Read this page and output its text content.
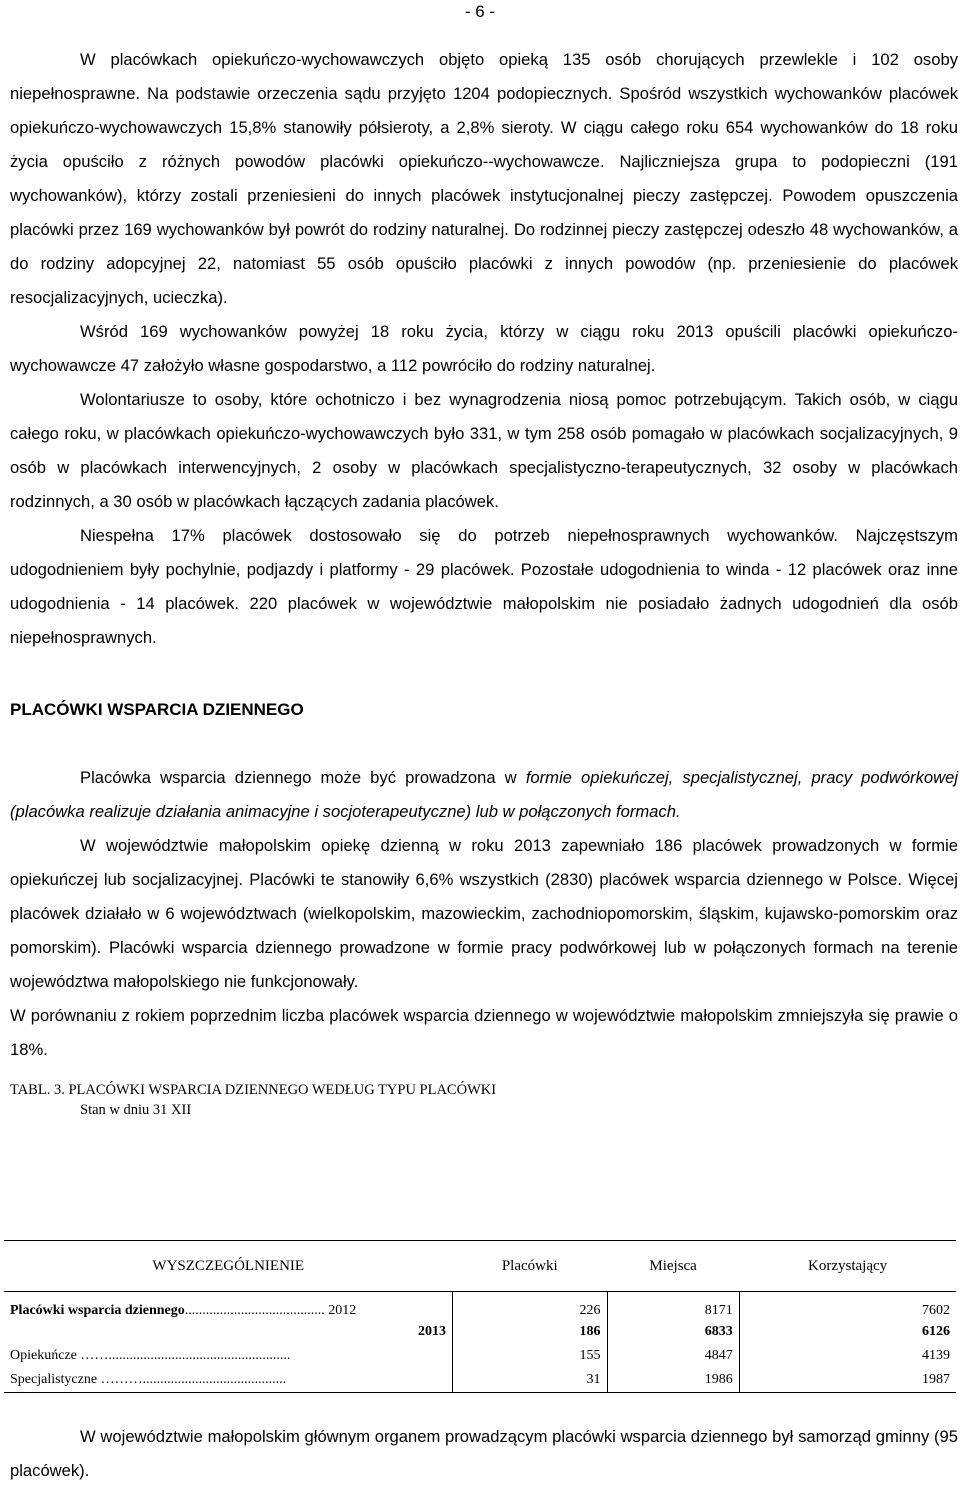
- 6 -

W placówkach opiekuńczo-wychowawczych objęto opieką 135 osób chorujących przewlekle i 102 osoby niepełnosprawne. Na podstawie orzeczenia sądu przyjęto 1204 podopiecznych. Spośród wszystkich wychowanków placówek opiekuńczo-wychowawczych 15,8% stanowiły półsieroty, a 2,8% sieroty. W ciągu całego roku 654 wychowanków do 18 roku życia opuściło z różnych powodów placówki opiekuńczo--wychowawcze. Najliczniejsza grupa to podopieczni (191 wychowanków), którzy zostali przeniesieni do innych placówek instytucjonalnej pieczy zastępczej. Powodem opuszczenia placówki przez 169 wychowanków był powrót do rodziny naturalnej. Do rodzinnej pieczy zastępczej odeszło 48 wychowanków, a do rodziny adopcyjnej 22, natomiast 55 osób opuściło placówki z innych powodów (np. przeniesienie do placówek resocjalizacyjnych, ucieczka).

Wśród 169 wychowanków powyżej 18 roku życia, którzy w ciągu roku 2013 opuścili placówki opiekuńczo-wychowawcze 47 założyło własne gospodarstwo, a 112 powróciło do rodziny naturalnej.

Wolontariusze to osoby, które ochotniczo i bez wynagrodzenia niosą pomoc potrzebującym. Takich osób, w ciągu całego roku, w placówkach opiekuńczo-wychowawczych było 331, w tym 258 osób pomagało w placówkach socjalizacyjnych, 9 osób w placówkach interwencyjnych, 2 osoby w placówkach specjalistyczno-terapeutycznych, 32 osoby w placówkach rodzinnych, a 30 osób w placówkach łączących zadania placówek.

Niespełna 17% placówek dostosowało się do potrzeb niepełnosprawnych wychowanków. Najczęstszym udogodnieniem były pochylnie, podjazdy i platformy - 29 placówek. Pozostałe udogodnienia to winda - 12 placówek oraz inne udogodnienia - 14 placówek. 220 placówek w województwie małopolskim nie posiadało żadnych udogodnień dla osób niepełnosprawnych.

PLACÓWKI WSPARCIA DZIENNEGO

Placówka wsparcia dziennego może być prowadzona w formie opiekuńczej, specjalistycznej, pracy podwórkowej (placówka realizuje działania animacyjne i socjoterapeutyczne) lub w połączonych formach.

W województwie małopolskim opiekę dzienną w roku 2013 zapewniało 186 placówek prowadzonych w formie opiekuńczej lub socjalizacyjnej. Placówki te stanowiły 6,6% wszystkich (2830) placówek wsparcia dziennego w Polsce. Więcej placówek działało w 6 województwach (wielkopolskim, mazowieckim, zachodniopomorskim, śląskim, kujawsko-pomorskim oraz pomorskim). Placówki wsparcia dziennego prowadzone w formie pracy podwórkowej lub w połączonych formach na terenie województwa małopolskiego nie funkcjonowały.

W porównaniu z rokiem poprzednim liczba placówek wsparcia dziennego w województwie małopolskim zmniejszyła się prawie o 18%.

TABL. 3. PLACÓWKI WSPARCIA DZIENNEGO WEDŁUG TYPU PLACÓWKI
Stan w dniu 31 XII
WYSZCZEGÓLNIENIE	Placówki	Miejsca	Korzystający
Placówki wsparcia dziennego........................................ 2012	226	8171	7602
2013	186	6833	6126
Opiekuńcze ……....................................................	155	4847	4139
Specjalistyczne ……….........................................	31	1986	1987

W województwie małopolskim głównym organem prowadzącym placówki wsparcia dziennego był samorząd gminny (95 placówek).
